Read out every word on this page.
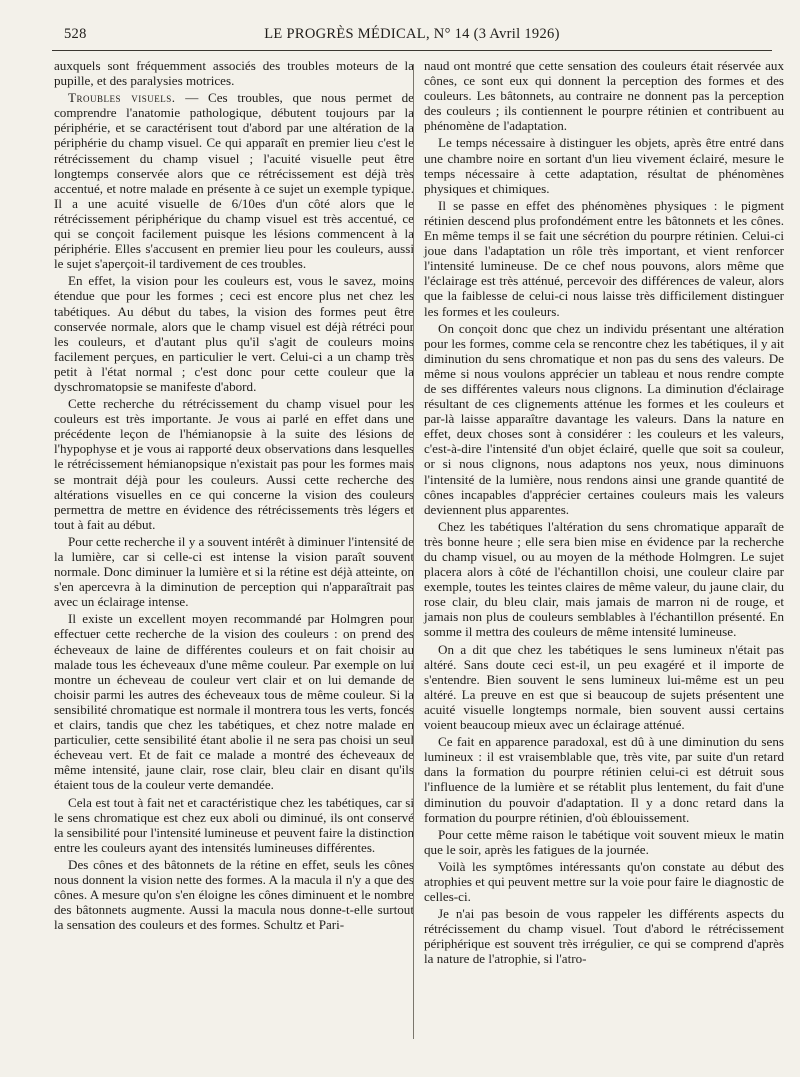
528	LE PROGRÈS MÉDICAL, N° 14 (3 Avril 1926)

auxquels sont fréquemment associés des troubles moteurs de la pupille, et des paralysies motrices.

Troubles visuels. — Ces troubles, que nous permet de comprendre l'anatomie pathologique, débutent toujours par la périphérie, et se caractérisent tout d'abord par une altération de la périphérie du champ visuel. Ce qui apparaît en premier lieu c'est le rétrécissement du champ visuel ; l'acuité visuelle peut être longtemps conservée alors que ce rétrécissement est déjà très accentué, et notre malade en présente à ce sujet un exemple typique. Il a une acuité visuelle de 6/10es d'un côté alors que le rétrécissement périphérique du champ visuel est très accentué, ce qui se conçoit facilement puisque les lésions commencent à la périphérie. Elles s'accusent en premier lieu pour les couleurs, aussi le sujet s'aperçoit-il tardivement de ces troubles.

En effet, la vision pour les couleurs est, vous le savez, moins étendue que pour les formes ; ceci est encore plus net chez les tabétiques. Au début du tabes, la vision des formes peut être conservée normale, alors que le champ visuel est déjà rétréci pour les couleurs, et d'autant plus qu'il s'agit de couleurs moins facilement perçues, en particulier le vert. Celui-ci a un champ très petit à l'état normal ; c'est donc pour cette couleur que la dyschromatopsie se manifeste d'abord.

Cette recherche du rétrécissement du champ visuel pour les couleurs est très importante. Je vous ai parlé en effet dans une précédente leçon de l'hémianopsie à la suite des lésions de l'hypophyse et je vous ai rapporté deux observations dans lesquelles le rétrécissement hémianopsique n'existait pas pour les formes mais se montrait déjà pour les couleurs. Aussi cette recherche des altérations visuelles en ce qui concerne la vision des couleurs permettra de mettre en évidence des rétrécissements très légers et tout à fait au début.

Pour cette recherche il y a souvent intérêt à diminuer l'intensité de la lumière, car si celle-ci est intense la vision paraît souvent normale. Donc diminuer la lumière et si la rétine est déjà atteinte, on s'en apercevra à la diminution de perception qui n'apparaîtrait pas avec un éclairage intense.

Il existe un excellent moyen recommandé par Holmgren pour effectuer cette recherche de la vision des couleurs : on prend des écheveaux de laine de différentes couleurs et on fait choisir au malade tous les écheveaux d'une même couleur. Par exemple on lui montre un écheveau de couleur vert clair et on lui demande de choisir parmi les autres des écheveaux tous de même couleur. Si la sensibilité chromatique est normale il montrera tous les verts, foncés et clairs, tandis que chez les tabétiques, et chez notre malade en particulier, cette sensibilité étant abolie il ne sera pas choisi un seul écheveau vert. Et de fait ce malade a montré des écheveaux de même intensité, jaune clair, rose clair, bleu clair en disant qu'ils étaient tous de la couleur verte demandée.

Cela est tout à fait net et caractéristique chez les tabétiques, car si le sens chromatique est chez eux aboli ou diminué, ils ont conservé la sensibilité pour l'intensité lumineuse et peuvent faire la distinction entre les couleurs ayant des intensités lumineuses différentes.

Des cônes et des bâtonnets de la rétine en effet, seuls les cônes nous donnent la vision nette des formes. A la macula il n'y a que des cônes. A mesure qu'on s'en éloigne les cônes diminuent et le nombre des bâtonnets augmente. Aussi la macula nous donne-t-elle surtout la sensation des couleurs et des formes. Schultz et Pari-

naud ont montré que cette sensation des couleurs était réservée aux cônes, ce sont eux qui donnent la perception des formes et des couleurs. Les bâtonnets, au contraire ne donnent pas la perception des couleurs ; ils contiennent le pourpre rétinien et contribuent au phénomène de l'adaptation.

Le temps nécessaire à distinguer les objets, après être entré dans une chambre noire en sortant d'un lieu vivement éclairé, mesure le temps nécessaire à cette adaptation, résultat de phénomènes physiques et chimiques.

Il se passe en effet des phénomènes physiques : le pigment rétinien descend plus profondément entre les bâtonnets et les cônes. En même temps il se fait une sécrétion du pourpre rétinien. Celui-ci joue dans l'adaptation un rôle très important, et vient renforcer l'intensité lumineuse. De ce chef nous pouvons, alors même que l'éclairage est très atténué, percevoir des différences de valeur, alors que la faiblesse de celui-ci nous laisse très difficilement distinguer les formes et les couleurs.

On conçoit donc que chez un individu présentant une altération pour les formes, comme cela se rencontre chez les tabétiques, il y ait diminution du sens chromatique et non pas du sens des valeurs. De même si nous voulons apprécier un tableau et nous rendre compte de ses différentes valeurs nous clignons. La diminution d'éclairage résultant de ces clignements atténue les formes et les couleurs et par-là laisse apparaître davantage les valeurs. Dans la nature en effet, deux choses sont à considérer : les couleurs et les valeurs, c'est-à-dire l'intensité d'un objet éclairé, quelle que soit sa couleur, or si nous clignons, nous adaptons nos yeux, nous diminuons l'intensité de la lumière, nous rendons ainsi une grande quantité de cônes incapables d'apprécier certaines couleurs mais les valeurs deviennent plus apparentes.

Chez les tabétiques l'altération du sens chromatique apparaît de très bonne heure ; elle sera bien mise en évidence par la recherche du champ visuel, ou au moyen de la méthode Holmgren. Le sujet placera alors à côté de l'échantillon choisi, une couleur claire par exemple, toutes les teintes claires de même valeur, du jaune clair, du rose clair, du bleu clair, mais jamais de marron ni de rouge, et jamais non plus de couleurs semblables à l'échantillon présenté. En somme il mettra des couleurs de même intensité lumineuse.

On a dit que chez les tabétiques le sens lumineux n'était pas altéré. Sans doute ceci est-il, un peu exagéré et il importe de s'entendre. Bien souvent le sens lumineux lui-même est un peu altéré. La preuve en est que si beaucoup de sujets présentent une acuité visuelle longtemps normale, bien souvent aussi certains voient beaucoup mieux avec un éclairage atténué.

Ce fait en apparence paradoxal, est dû à une diminution du sens lumineux : il est vraisemblable que, très vite, par suite d'un retard dans la formation du pourpre rétinien celui-ci est détruit sous l'influence de la lumière et se rétablit plus lentement, du fait d'une diminution du pouvoir d'adaptation. Il y a donc retard dans la formation du pourpre rétinien, d'où éblouissement.

Pour cette même raison le tabétique voit souvent mieux le matin que le soir, après les fatigues de la journée.

Voilà les symptômes intéressants qu'on constate au début des atrophies et qui peuvent mettre sur la voie pour faire le diagnostic de celles-ci.

Je n'ai pas besoin de vous rappeler les différents aspects du rétrécissement du champ visuel. Tout d'abord le rétrécissement périphérique est souvent très irrégulier, ce qui se comprend d'après la nature de l'atrophie, si l'atro-
